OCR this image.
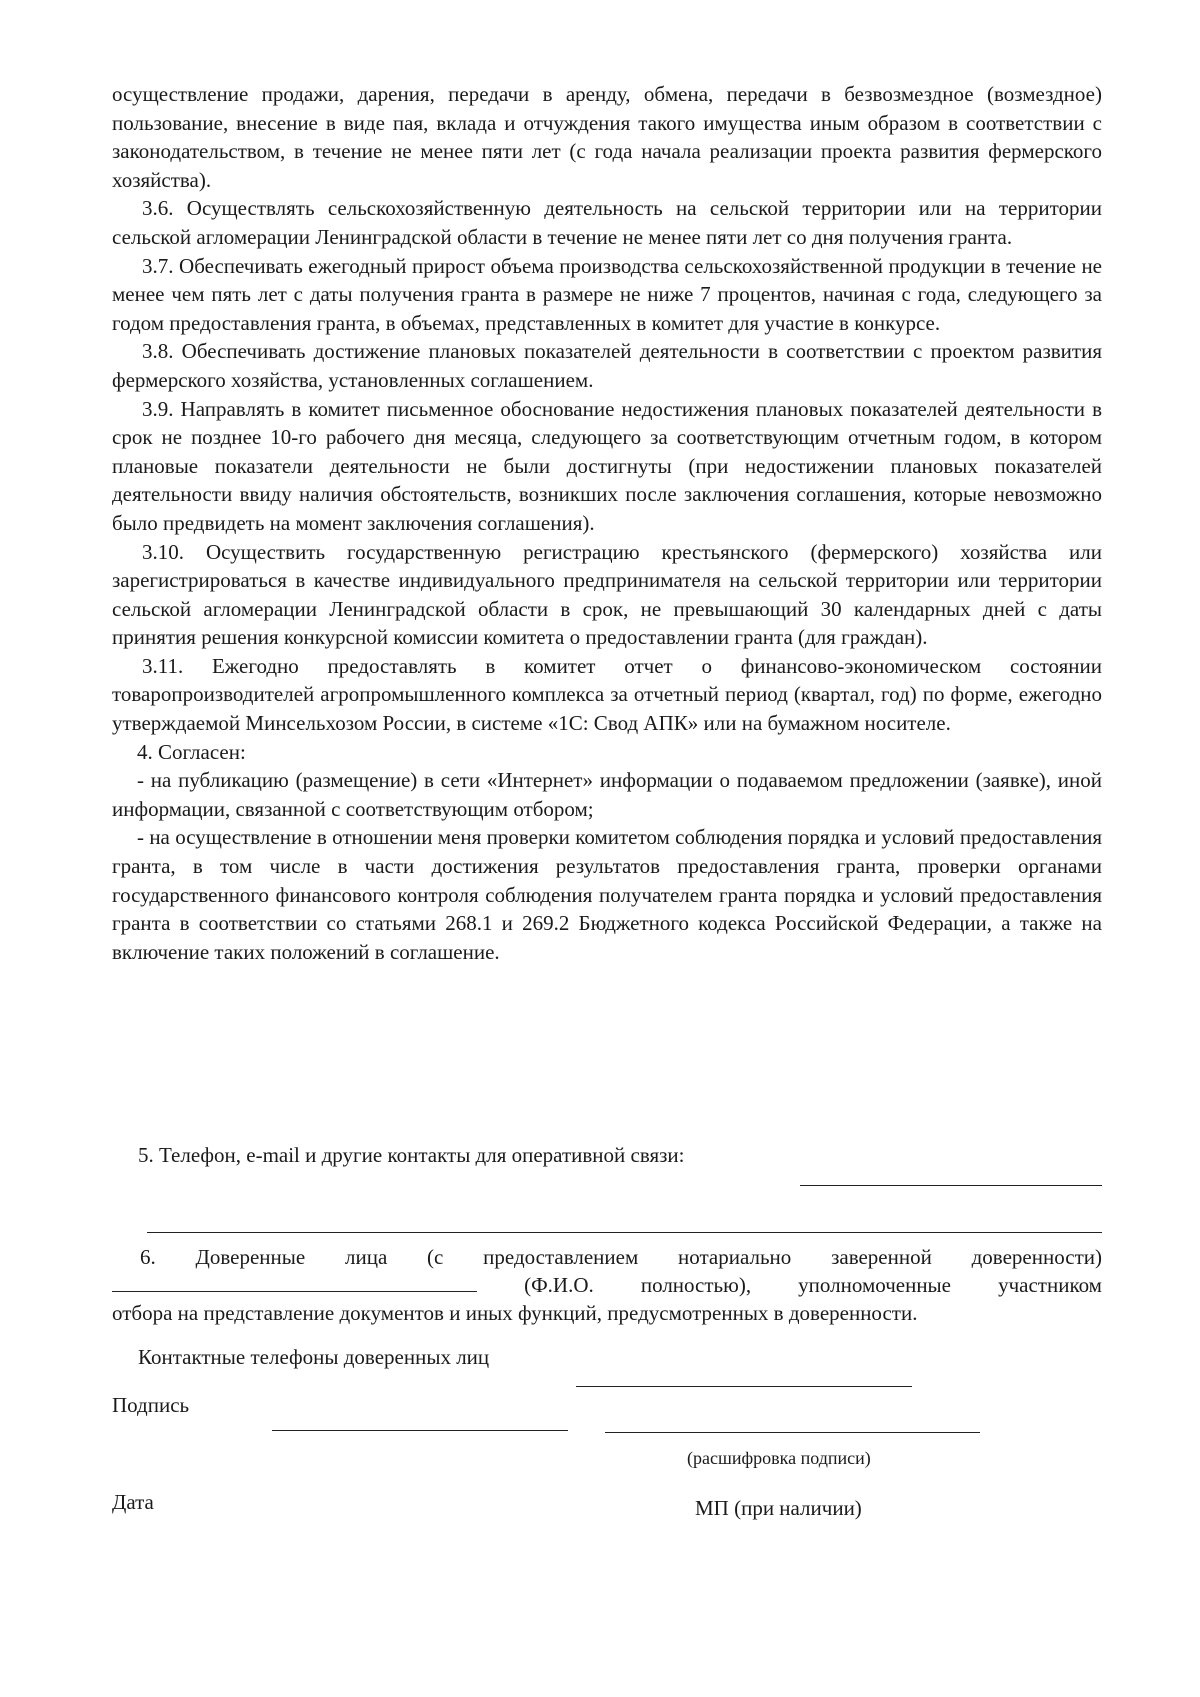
осуществление продажи, дарения, передачи в аренду, обмена, передачи в безвозмездное (возмездное) пользование, внесение в виде пая, вклада и отчуждения такого имущества иным образом в соответствии с законодательством, в течение не менее пяти лет (с года начала реализации проекта развития фермерского хозяйства).

3.6. Осуществлять сельскохозяйственную деятельность на сельской территории или на территории сельской агломерации Ленинградской области в течение не менее пяти лет со дня получения гранта.

3.7. Обеспечивать ежегодный прирост объема производства сельскохозяйственной продукции в течение не менее чем пять лет с даты получения гранта в размере не ниже 7 процентов, начиная с года, следующего за годом предоставления гранта, в объемах, представленных в комитет для участие в конкурсе.

3.8. Обеспечивать достижение плановых показателей деятельности в соответствии с проектом развития фермерского хозяйства, установленных соглашением.

3.9. Направлять в комитет письменное обоснование недостижения плановых показателей деятельности в срок не позднее 10-го рабочего дня месяца, следующего за соответствующим отчетным годом, в котором плановые показатели деятельности не были достигнуты (при недостижении плановых показателей деятельности ввиду наличия обстоятельств, возникших после заключения соглашения, которые невозможно было предвидеть на момент заключения соглашения).

3.10. Осуществить государственную регистрацию крестьянского (фермерского) хозяйства или зарегистрироваться в качестве индивидуального предпринимателя на сельской территории или территории сельской агломерации Ленинградской области в срок, не превышающий 30 календарных дней с даты принятия решения конкурсной комиссии комитета о предоставлении гранта (для граждан).

3.11. Ежегодно предоставлять в комитет отчет о финансово-экономическом состоянии товаропроизводителей агропромышленного комплекса за отчетный период (квартал, год) по форме, ежегодно утверждаемой Минсельхозом России, в системе «1С: Свод АПК» или на бумажном носителе.

4. Согласен:

- на публикацию (размещение) в сети «Интернет» информации о подаваемом предложении (заявке), иной информации, связанной с соответствующим отбором;

- на осуществление в отношении меня проверки комитетом соблюдения порядка и условий предоставления гранта, в том числе в части достижения результатов предоставления гранта, проверки органами государственного финансового контроля соблюдения получателем гранта порядка и условий предоставления гранта в соответствии со статьями 268.1 и 269.2 Бюджетного кодекса Российской Федерации, а также на включение таких положений в соглашение.

5. Телефон, e-mail и другие контакты для оперативной связи:
6. Доверенные лица (с предоставлением нотариально заверенной доверенности)
(Ф.И.О. полностью), уполномоченные участником
отбора на представление документов и иных функций, предусмотренных в доверенности.
Контактные телефоны доверенных лиц
Подпись
(расшифровка подписи)
Дата	МП (при наличии)
